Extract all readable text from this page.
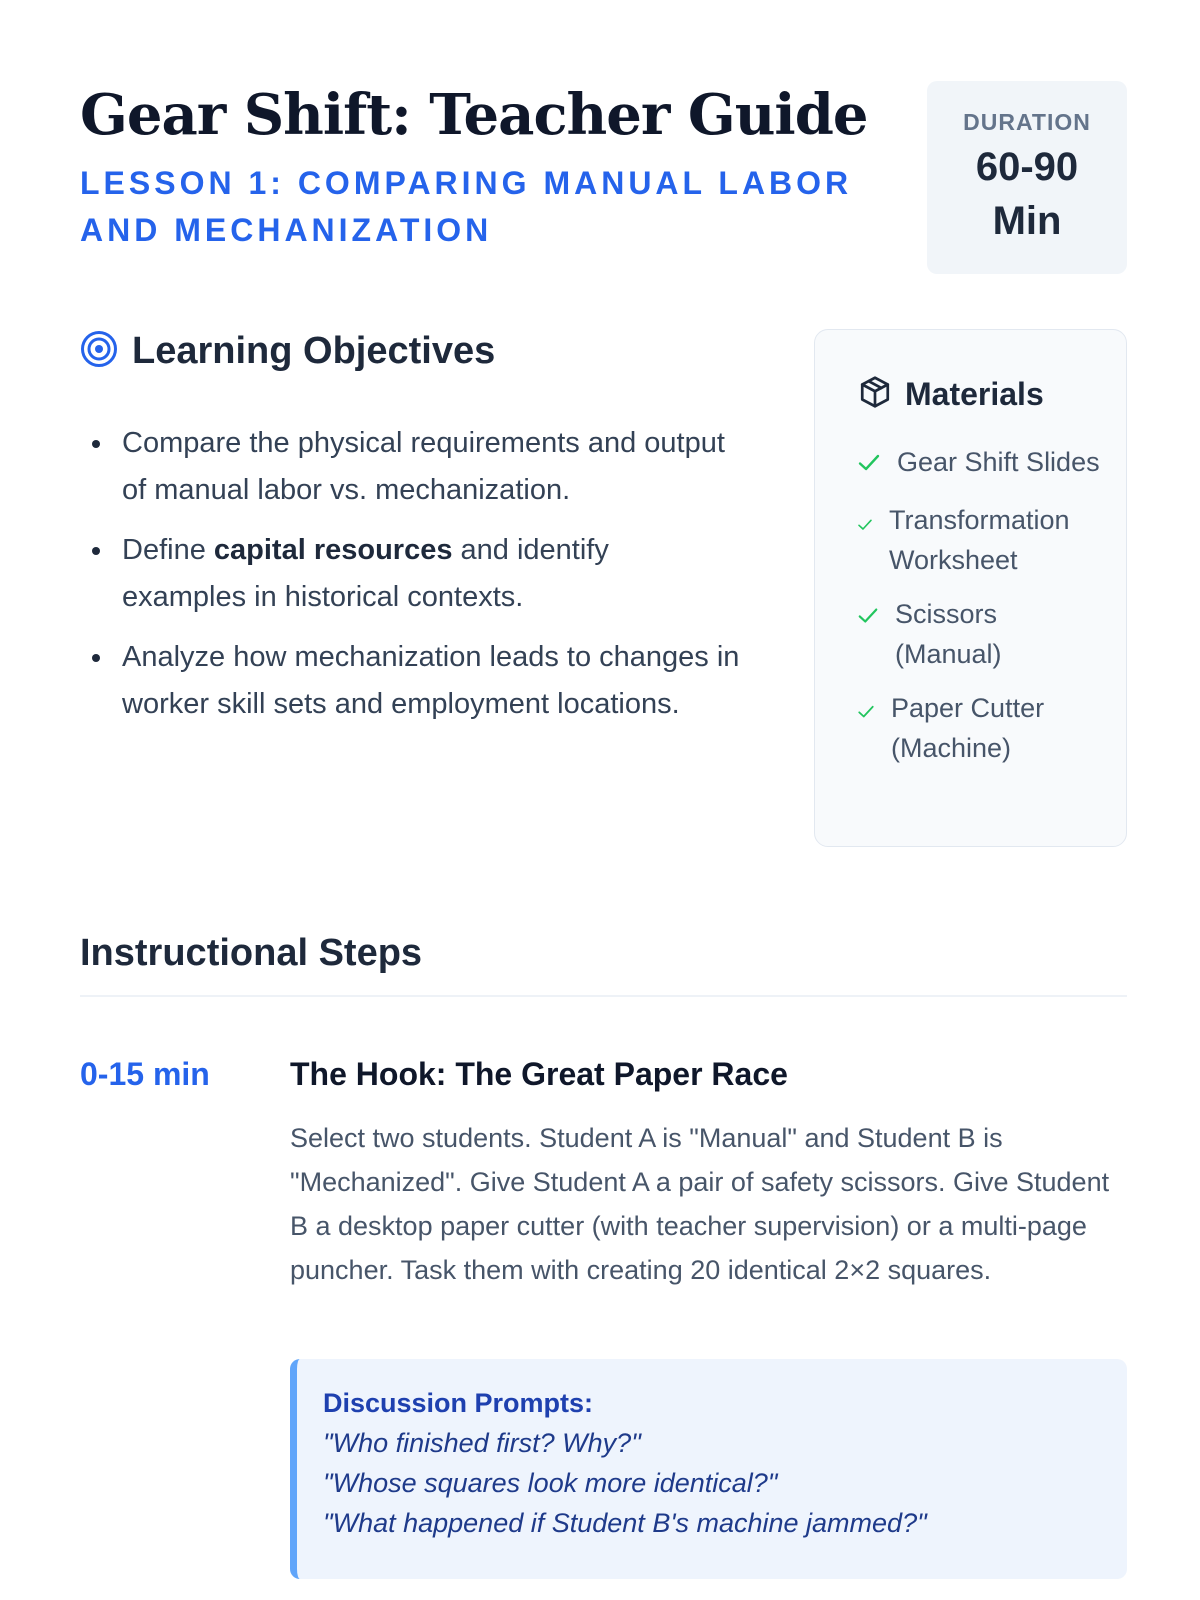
Gear Shift: Teacher Guide
LESSON 1: COMPARING MANUAL LABOR AND MECHANIZATION
DURATION
60-90 Min
Learning Objectives
Compare the physical requirements and output of manual labor vs. mechanization.
Define capital resources and identify examples in historical contexts.
Analyze how mechanization leads to changes in worker skill sets and employment locations.
Materials
Gear Shift Slides
Transformation Worksheet
Scissors (Manual)
Paper Cutter (Machine)
Instructional Steps
0-15 min	The Hook: The Great Paper Race

Select two students. Student A is "Manual" and Student B is "Mechanized". Give Student A a pair of safety scissors. Give Student B a desktop paper cutter (with teacher supervision) or a multi-page puncher. Task them with creating 20 identical 2×2 squares.

Discussion Prompts:
"Who finished first? Why?"
"Whose squares look more identical?"
"What happened if Student B's machine jammed?"
